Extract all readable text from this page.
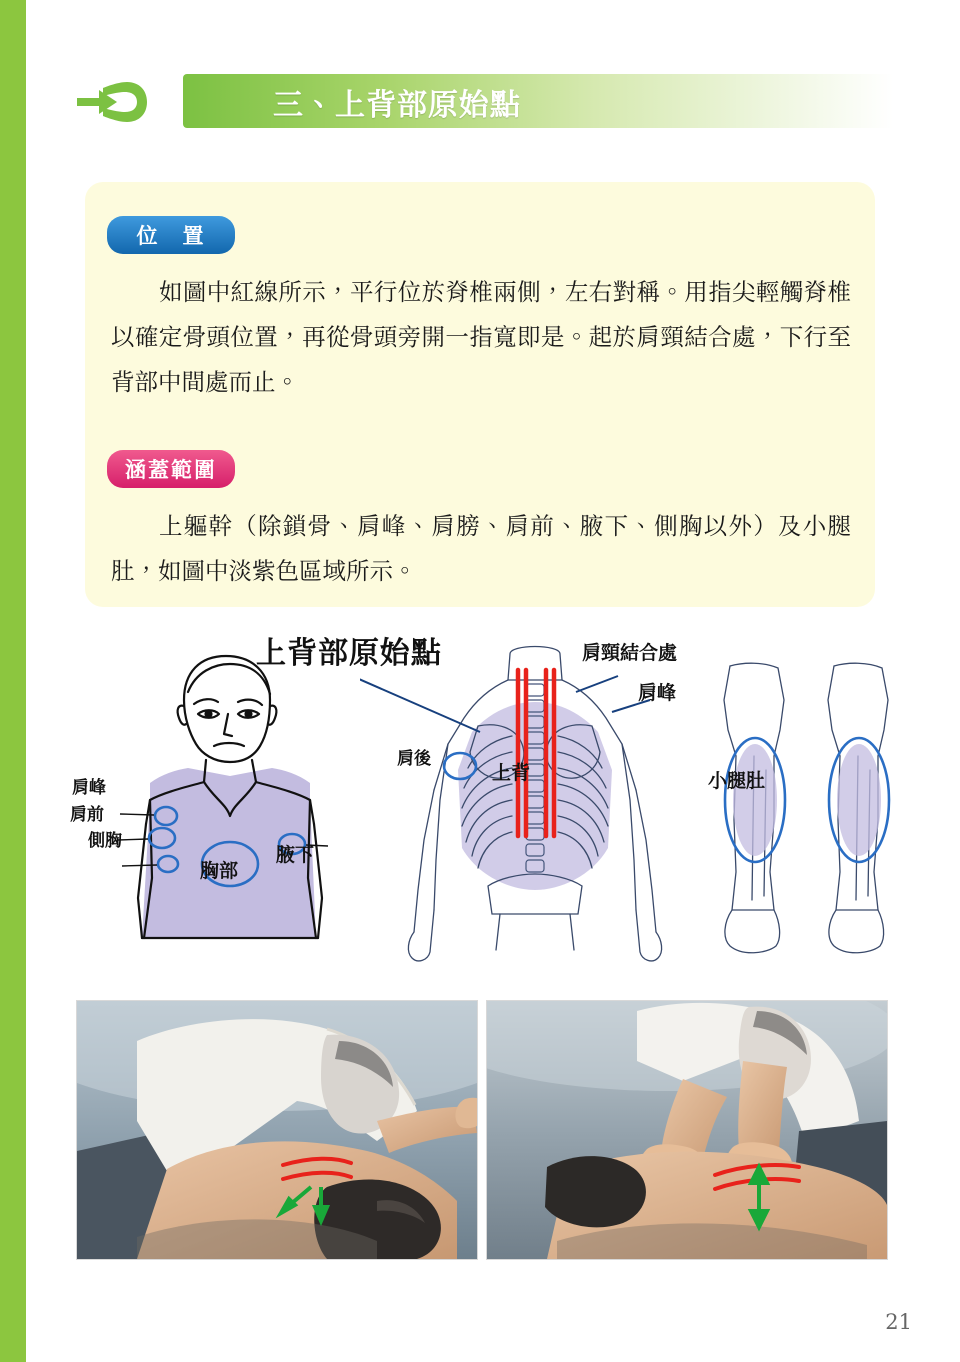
三、上背部原始點
位　置
如圖中紅線所示，平行位於脊椎兩側，左右對稱。用指尖輕觸脊椎以確定骨頭位置，再從骨頭旁開一指寬即是。起於肩頸結合處，下行至背部中間處而止。
涵蓋範圍
上軀幹（除鎖骨、肩峰、肩膀、肩前、腋下、側胸以外）及小腿肚，如圖中淡紫色區域所示。
肩峰
肩前
側胸
胸部
腋下
上背部原始點
肩後
上背
肩頸結合處
肩峰
小腿肚
21
